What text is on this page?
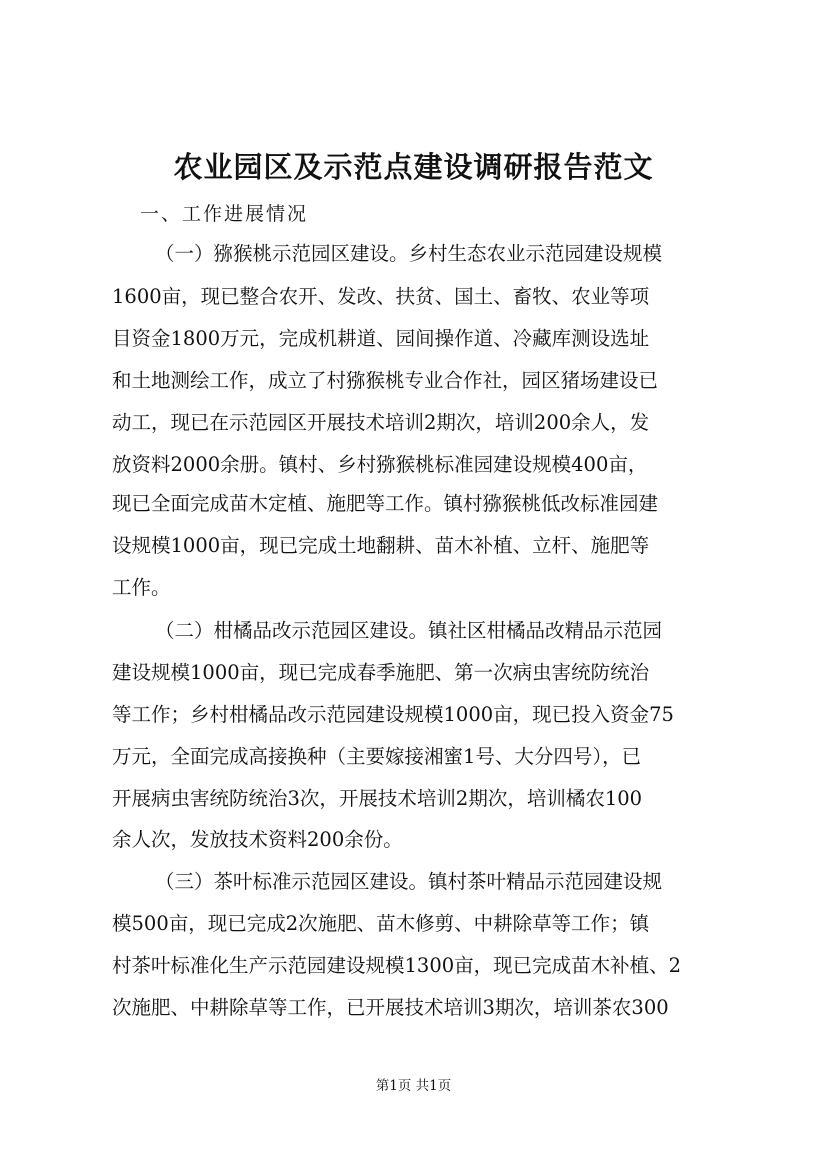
农业园区及示范点建设调研报告范文
一、工作进展情况
（一）猕猴桃示范园区建设。乡村生态农业示范园建设规模
1600亩，现已整合农开、发改、扶贫、国土、畜牧、农业等项
目资金1800万元，完成机耕道、园间操作道、冷藏库测设选址
和土地测绘工作，成立了村猕猴桃专业合作社，园区猪场建设已
动工，现已在示范园区开展技术培训2期次，培训200余人，发
放资料2000余册。镇村、乡村猕猴桃标准园建设规模400亩，
现已全面完成苗木定植、施肥等工作。镇村猕猴桃低改标准园建
设规模1000亩，现已完成土地翻耕、苗木补植、立杆、施肥等
工作。
（二）柑橘品改示范园区建设。镇社区柑橘品改精品示范园
建设规模1000亩，现已完成春季施肥、第一次病虫害统防统治
等工作；乡村柑橘品改示范园建设规模1000亩，现已投入资金75
万元，全面完成高接换种（主要嫁接湘蜜1号、大分四号），已
开展病虫害统防统治3次，开展技术培训2期次，培训橘农100
余人次，发放技术资料200余份。
（三）茶叶标准示范园区建设。镇村茶叶精品示范园建设规
模500亩，现已完成2次施肥、苗木修剪、中耕除草等工作；镇
村茶叶标准化生产示范园建设规模1300亩，现已完成苗木补植、2
次施肥、中耕除草等工作，已开展技术培训3期次，培训茶农300
第1页 共1页
